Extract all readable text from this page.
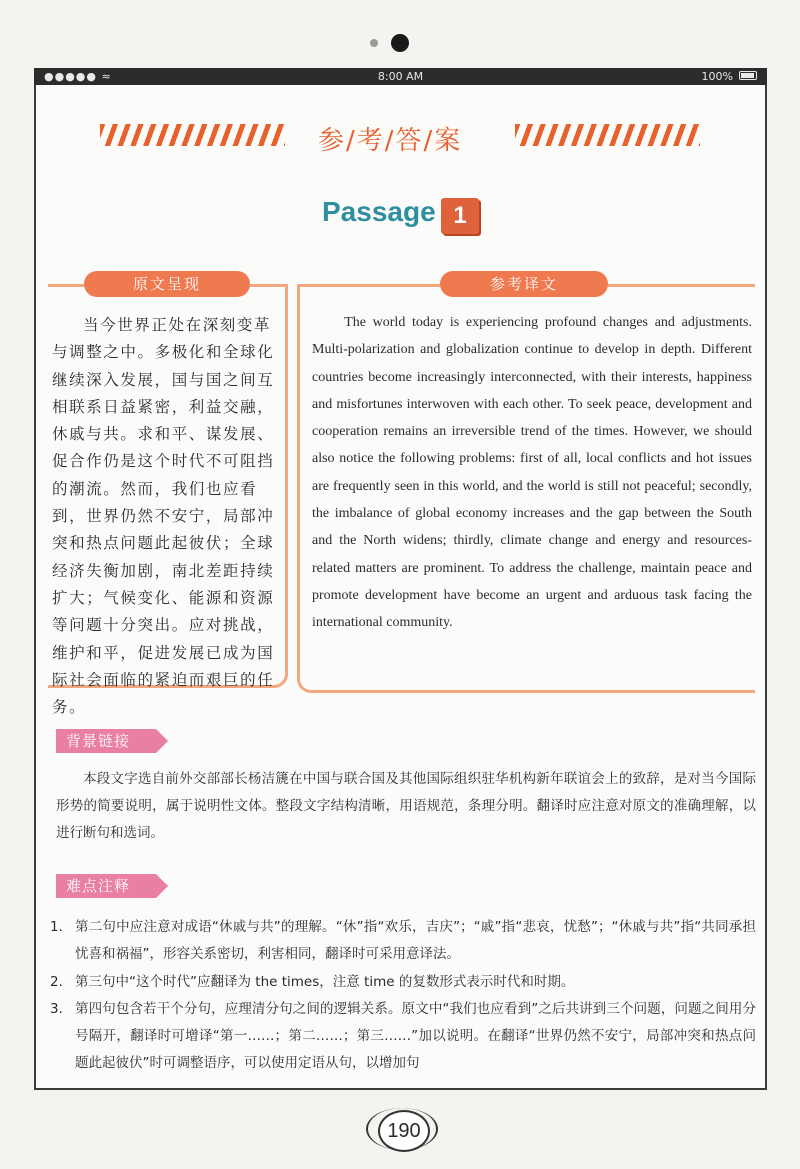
●●●●● ≈	8:00 AM	100%
参/考/答/案
Passage 1
原文呈现	参考译文
当今世界正处在深刻变革与调整之中。多极化和全球化继续深入发展，国与国之间互相联系日益紧密，利益交融，休戚与共。求和平、谋发展、促合作仍是这个时代不可阻挡的潮流。然而，我们也应看到，世界仍然不安宁，局部冲突和热点问题此起彼伏；全球经济失衡加剧，南北差距持续扩大；气候变化、能源和资源等问题十分突出。应对挑战，维护和平，促进发展已成为国际社会面临的紧迫而艰巨的任务。
The world today is experiencing profound changes and adjustments. Multi-polarization and globalization continue to develop in depth. Different countries become increasingly interconnected, with their interests, happiness and misfortunes interwoven with each other. To seek peace, development and cooperation remains an irreversible trend of the times. However, we should also notice the following problems: first of all, local conflicts and hot issues are frequently seen in this world, and the world is still not peaceful; secondly, the imbalance of global economy increases and the gap between the South and the North widens; thirdly, climate change and energy and resources-related matters are prominent. To address the challenge, maintain peace and promote development have become an urgent and arduous task facing the international community.
背景链接
本段文字选自前外交部部长杨洁篪在中国与联合国及其他国际组织驻华机构新年联谊会上的致辞，是对当今国际形势的简要说明，属于说明性文体。整段文字结构清晰，用语规范，条理分明。翻译时应注意对原文的准确理解，以进行断句和选词。
难点注释
1. 第二句中应注意对成语“休戚与共”的理解。“休”指“欢乐，吉庆”；“戚”指“悲哀，忧愁”；“休戚与共”指“共同承担忧喜和祸福”，形容关系密切，利害相同，翻译时可采用意译法。
2. 第三句中“这个时代”应翻译为 the times，注意 time 的复数形式表示时代和时期。
3. 第四句包含若干个分句，应理清分句之间的逻辑关系。原文中“我们也应看到”之后共讲到三个问题，问题之间用分号隔开，翻译时可增译“第一……；第二……；第三……”加以说明。在翻译“世界仍然不安宁，局部冲突和热点问题此起彼伏”时可调整语序，可以使用定语从句，以增加句
190
